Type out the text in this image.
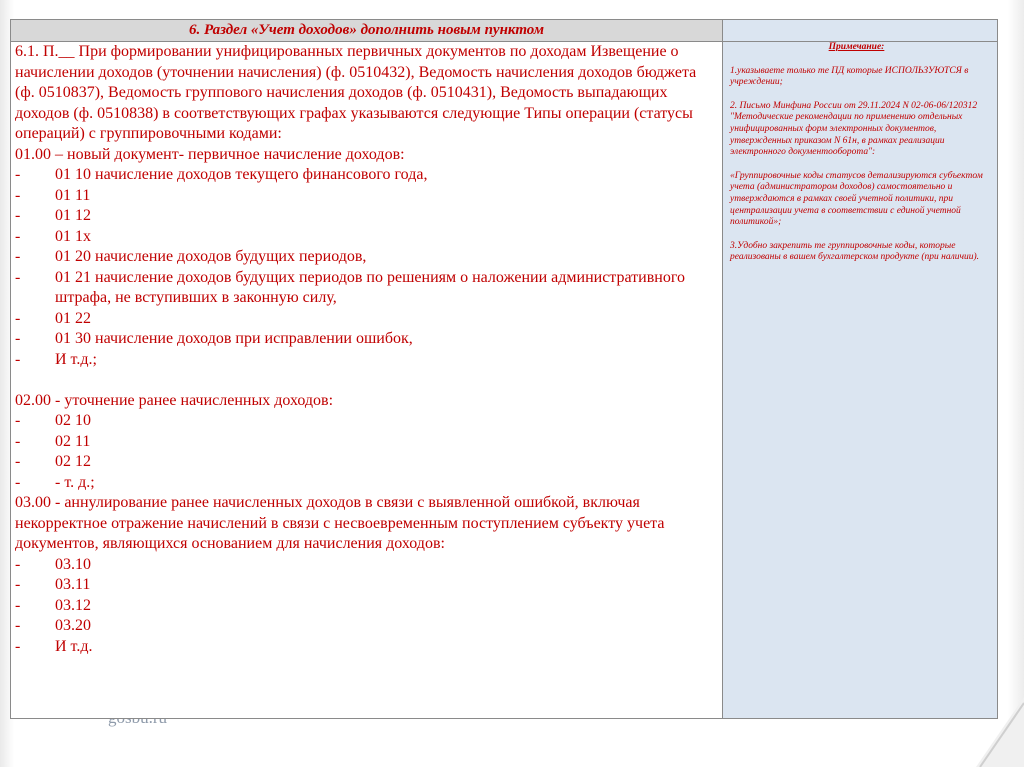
6. Раздел «Учет доходов» дополнить новым пунктом

6.1. П.__ При формировании унифицированных первичных документов по доходам Извещение о начислении доходов (уточнении начисления) (ф. 0510432), Ведомость начисления доходов бюджета (ф. 0510837), Ведомость группового начисления доходов (ф. 0510431), Ведомость выпадающих доходов (ф. 0510838) в соответствующих графах указываются следующие Типы операции (статусы операций) с группировочными кодами:

01.00 – новый документ- первичное начисление доходов:

-	01 10 начисление доходов текущего финансового года,
-	01 11
-	01 12
-	01 1х
-	01 20 начисление доходов будущих периодов,
-	01 21 начисление доходов будущих периодов по решениям о наложении административного штрафа, не вступивших в законную силу,
-	01 22
-	01 30 начисление доходов при исправлении ошибок,
-	И т.д.;

02.00 - уточнение ранее начисленных доходов:

-	02 10
-	02 11
-	02 12
-	- т. д.;

03.00 - аннулирование ранее начисленных доходов в связи с выявленной ошибкой, включая некорректное отражение начислений в связи с несвоевременным поступлением субъекту учета документов, являющихся основанием для начисления доходов:

-	03.10
-	03.11
-	03.12
-	03.20
-	И т.д.
Примечание:

1.указываете только те ПД которые ИСПОЛЬЗУЮТСЯ в учреждении;

2. Письмо Минфина России от 29.11.2024 N 02-06-06/120312 "Методические рекомендации по применению отдельных унифицированных форм электронных документов, утвержденных приказом N 61н, в рамках реализации электронного документооборота":

«Группировочные коды статусов детализируются субъектом учета (администратором доходов) самостоятельно и утверждаются в рамках своей учетной политики, при централизации учета в соответствии с единой учетной политикой»;

3.Удобно закрепить те группировочные коды, которые реализованы в вашем бухгалтерском продукте (при наличии).
